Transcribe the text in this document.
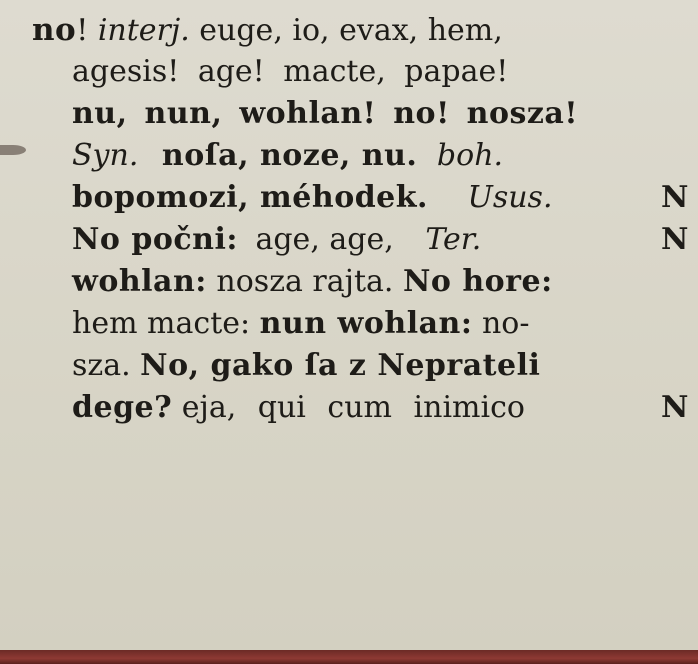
no! interj. euge, io, evax, hem,
agesis! age! macte, papae!
nu, nun, wohlan! no! nosza!
Syn. noſa, noze, nu. boh.
bopomozi, méhodek. Usus.
No počni: age, age, Ter.
wohlan: nosza rajta. No hore:
hem macte: nun wohlan: no-
sza. No, gako ſa z Neprateli
dege? eja, qui cum inimico
N
N
N
